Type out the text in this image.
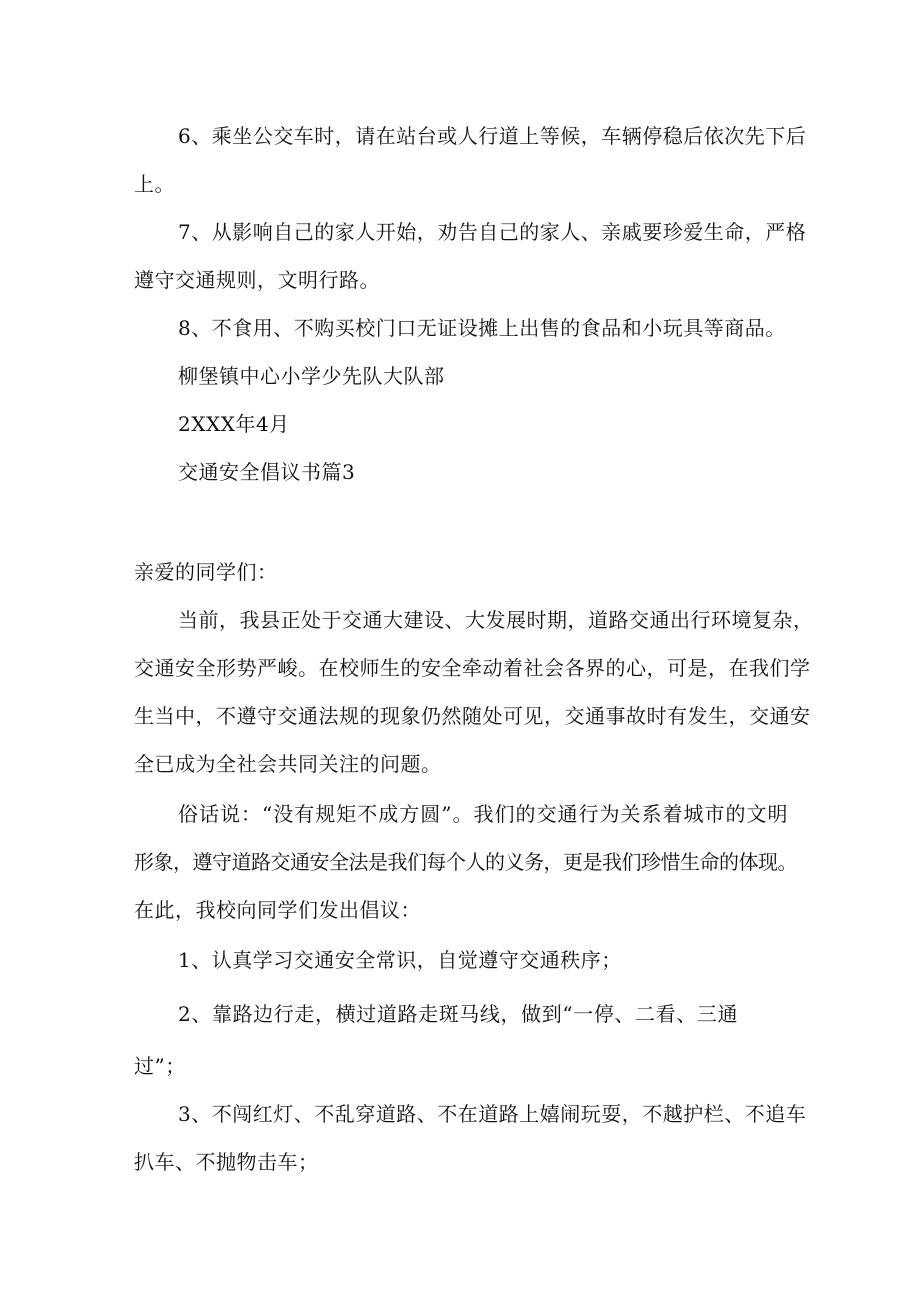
6、乘坐公交车时，请在站台或人行道上等候，车辆停稳后依次先下后
上。
7、从影响自己的家人开始，劝告自己的家人、亲戚要珍爱生命，严格
遵守交通规则，文明行路。
8、不食用、不购买校门口无证设摊上出售的食品和小玩具等商品。
柳堡镇中心小学少先队大队部
2XXX年4月
交通安全倡议书篇3
亲爱的同学们：
当前，我县正处于交通大建设、大发展时期，道路交通出行环境复杂，
交通安全形势严峻。在校师生的安全牵动着社会各界的心，可是，在我们学
生当中，不遵守交通法规的现象仍然随处可见，交通事故时有发生，交通安
全已成为全社会共同关注的问题。
俗话说：“没有规矩不成方圆”。我们的交通行为关系着城市的文明
形象，遵守道路交通安全法是我们每个人的义务，更是我们珍惜生命的体现。
在此，我校向同学们发出倡议：
1、认真学习交通安全常识，自觉遵守交通秩序；
2、靠路边行走，横过道路走斑马线，做到“一停、二看、三通
过”；
3、不闯红灯、不乱穿道路、不在道路上嬉闹玩耍，不越护栏、不追车
扒车、不抛物击车；
